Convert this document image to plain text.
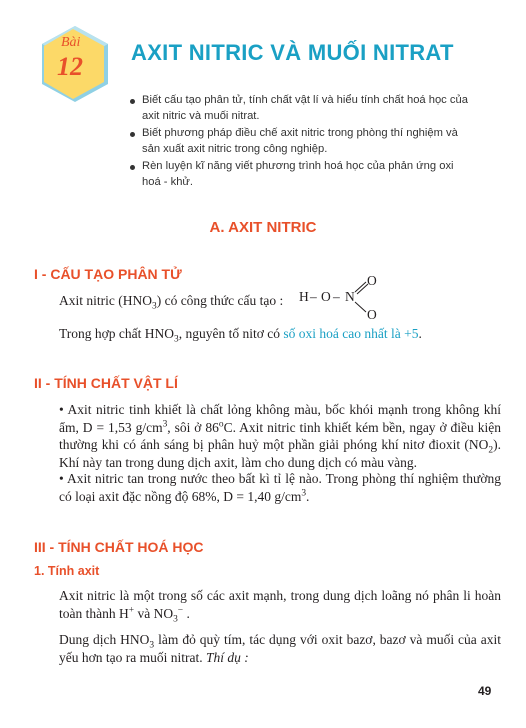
Bài
12 AXIT NITRIC VÀ MUỐI NITRAT
Biết cấu tạo phân tử, tính chất vật lí và hiểu tính chất hoá học của axit nitric và muối nitrat.
Biết phương pháp điều chế axit nitric trong phòng thí nghiệm và sản xuất axit nitric trong công nghiệp.
Rèn luyện kĩ năng viết phương trình hoá học của phản ứng oxi hoá - khử.
A. AXIT NITRIC
I - CẤU TẠO PHÂN TỬ
Axit nitric $(HNO_3)$ có công thức cấu tạo : H – O – N
O
O
Trong hợp chất $HNO_3$, nguyên tố nitơ có số oxi hoá cao nhất là +5.
II - TÍNH CHẤT VẬT LÍ
• Axit nitric tinh khiết là chất lỏng không màu, bốc khói mạnh trong không khí ẩm, D = 1,53 $g/cm^3$, sôi ở 86$^o$C. Axit nitric tinh khiết kém bền, ngay ở điều kiện thường khi có ánh sáng bị phân huỷ một phần giải phóng khí nitơ đioxit $(NO_2)$. Khí này tan trong dung dịch axit, làm cho dung dịch có màu vàng.
• Axit nitric tan trong nước theo bất kì tỉ lệ nào. Trong phòng thí nghiệm thường có loại axit đặc nồng độ 68%, D = 1,40 $g/cm^3$.
III - TÍNH CHẤT HOÁ HỌC
1. Tính axit
Axit nitric là một trong số các axit mạnh, trong dung dịch loãng nó phân li hoàn toàn thành H+ và $NO_3^-$ .
Dung dịch $HNO_3$ làm đỏ quỳ tím, tác dụng với oxit bazơ, bazơ và muối của axit yếu hơn tạo ra muối nitrat. Thí dụ :
49
